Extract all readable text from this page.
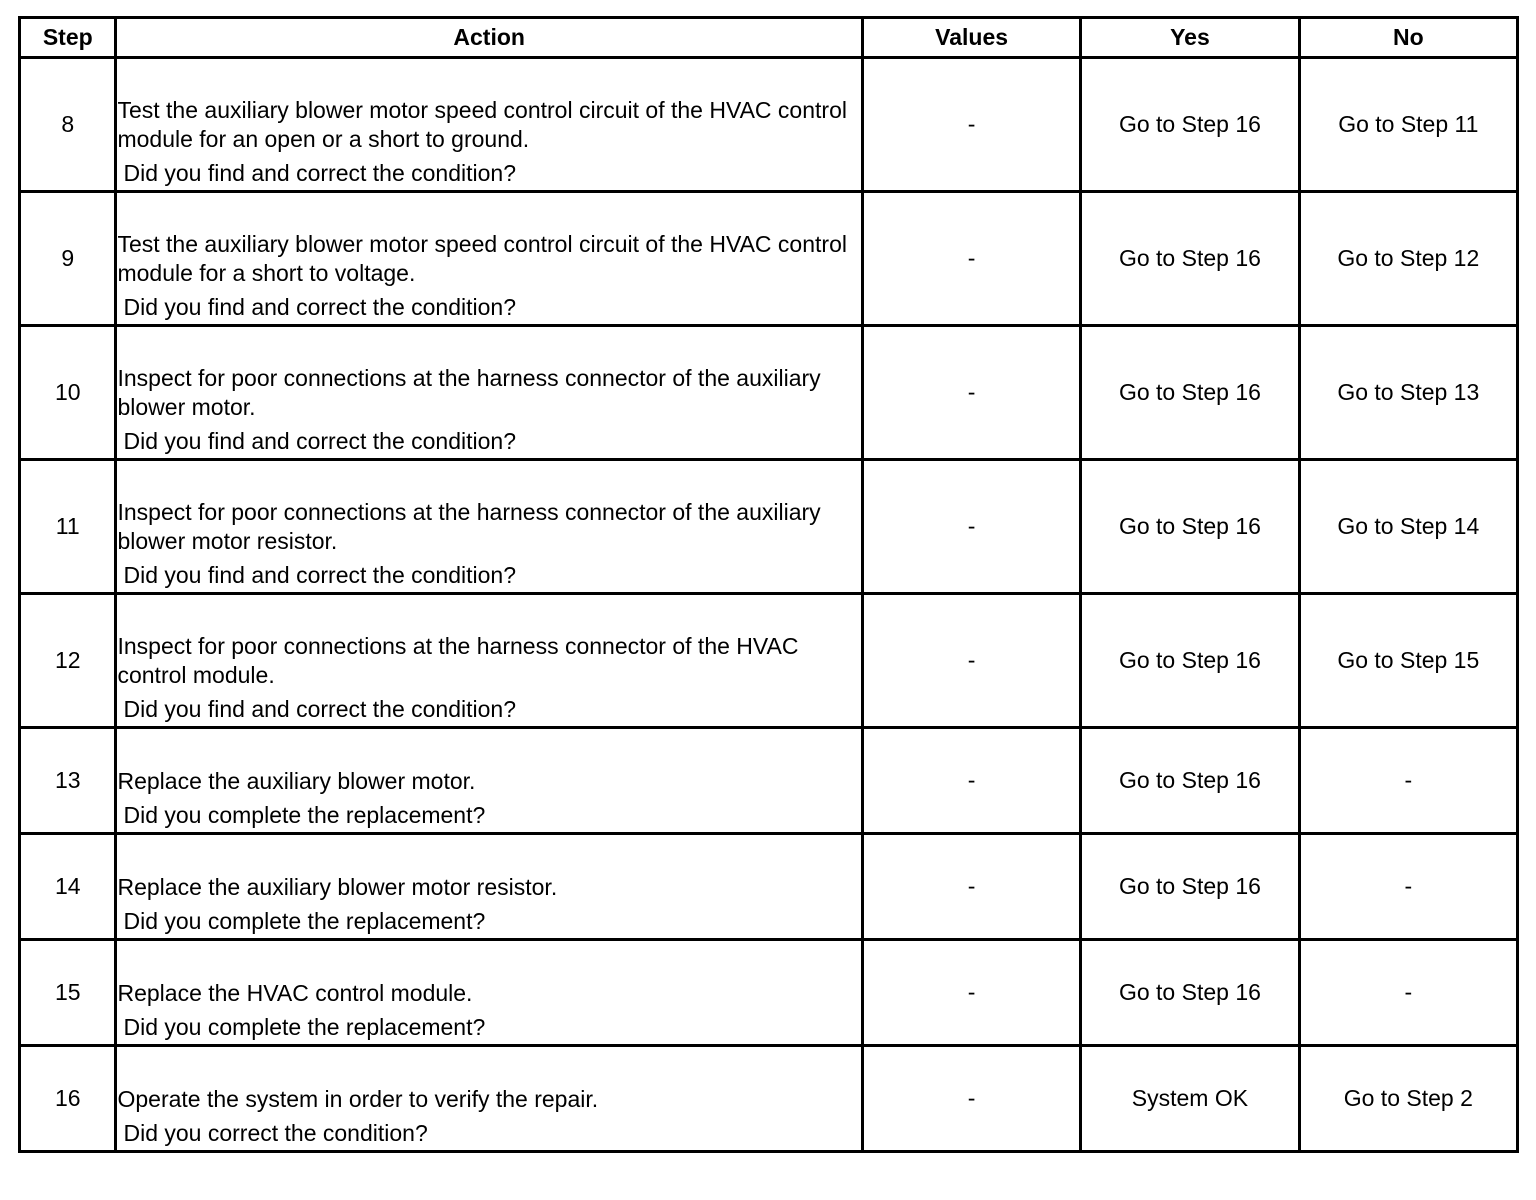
Step	Action	Values	Yes	No
8	Test the auxiliary blower motor speed control circuit of the HVAC control module for an open or a short to ground.
Did you find and correct the condition?	-	Go to Step 16	Go to Step 11
9	Test the auxiliary blower motor speed control circuit of the HVAC control module for a short to voltage.
Did you find and correct the condition?	-	Go to Step 16	Go to Step 12
10	Inspect for poor connections at the harness connector of the auxiliary blower motor.
Did you find and correct the condition?	-	Go to Step 16	Go to Step 13
11	Inspect for poor connections at the harness connector of the auxiliary blower motor resistor.
Did you find and correct the condition?	-	Go to Step 16	Go to Step 14
12	Inspect for poor connections at the harness connector of the HVAC control module.
Did you find and correct the condition?	-	Go to Step 16	Go to Step 15
13	Replace the auxiliary blower motor.
Did you complete the replacement?	-	Go to Step 16	-
14	Replace the auxiliary blower motor resistor.
Did you complete the replacement?	-	Go to Step 16	-
15	Replace the HVAC control module.
Did you complete the replacement?	-	Go to Step 16	-
16	Operate the system in order to verify the repair.
Did you correct the condition?	-	System OK	Go to Step 2
